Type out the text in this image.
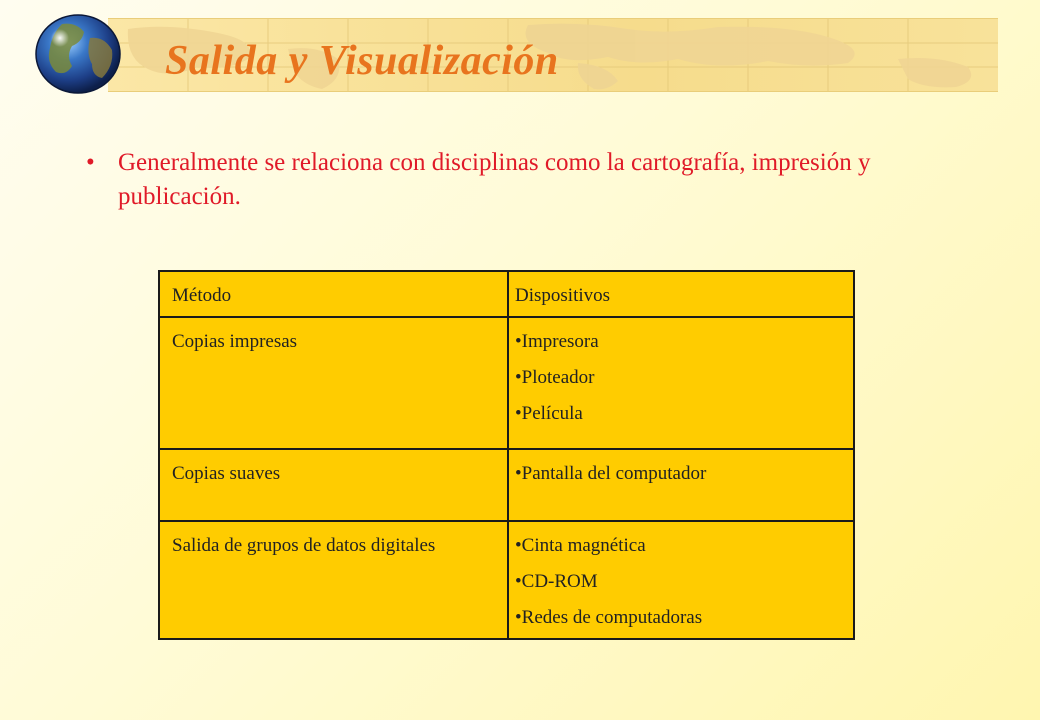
Salida y Visualización
• Generalmente se relaciona con disciplinas como la cartografía, impresión y publicación.
Método	Dispositivos
Copias impresas	•Impresora
•Ploteador
•Película

Copias suaves	•Pantalla del computador

Salida de grupos de datos digitales	•Cinta magnética
•CD-ROM
•Redes de computadoras
